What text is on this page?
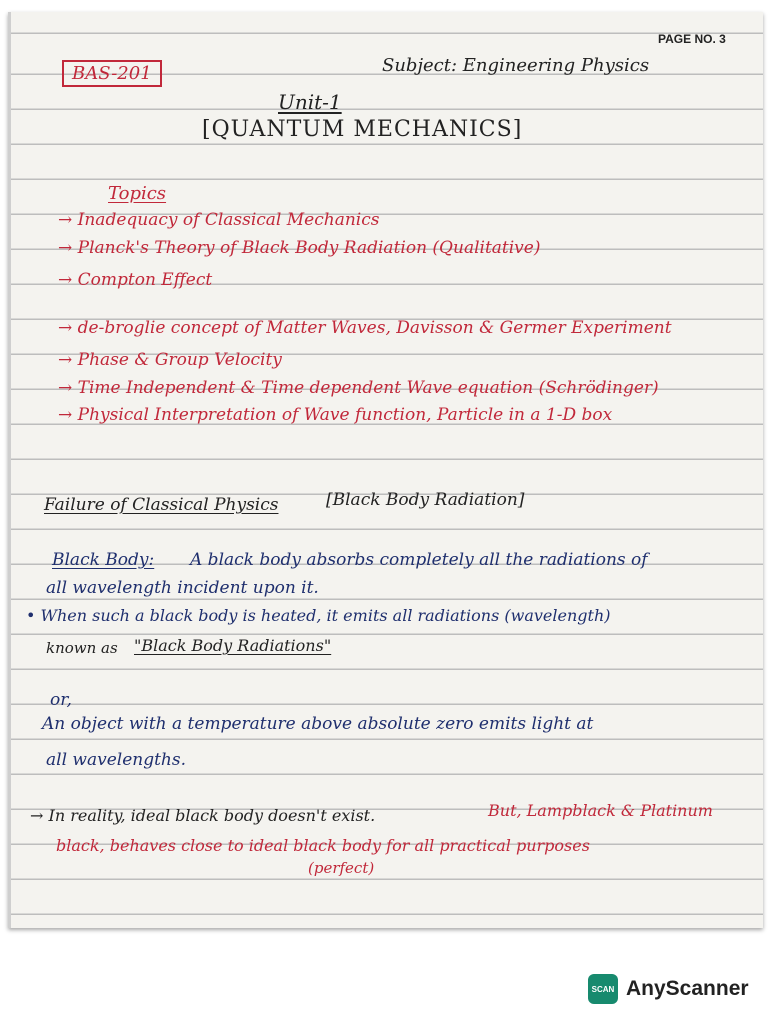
PAGE NO. 3
BAS-201	Subject: Engineering Physics
Unit-1
[QUANTUM MECHANICS]
Topics
→ Inadequacy of Classical Mechanics
→ Planck's Theory of Black Body Radiation (Qualitative)
→ Compton Effect
→ de-broglie concept of Matter Waves, Davisson & Germer Experiment
→ Phase & Group Velocity
→ Time Independent & Time dependent Wave equation (Schrödinger)
→ Physical Interpretation of Wave function, Particle in a 1-D box
Failure of Classical Physics	[Black Body Radiation]
Black Body: A black body absorbs completely all the radiations of
all wavelength incident upon it.
• When such a black body is heated, it emits all radiations (wavelength)
known as "Black Body Radiations"
or,
An object with a temperature above absolute zero emits light at
all wavelengths.
→ In reality, ideal black body doesn't exist.	But, Lampblack & Platinum
black, behaves close to ideal black body for all practical purposes
(perfect)
SCAN AnyScanner
